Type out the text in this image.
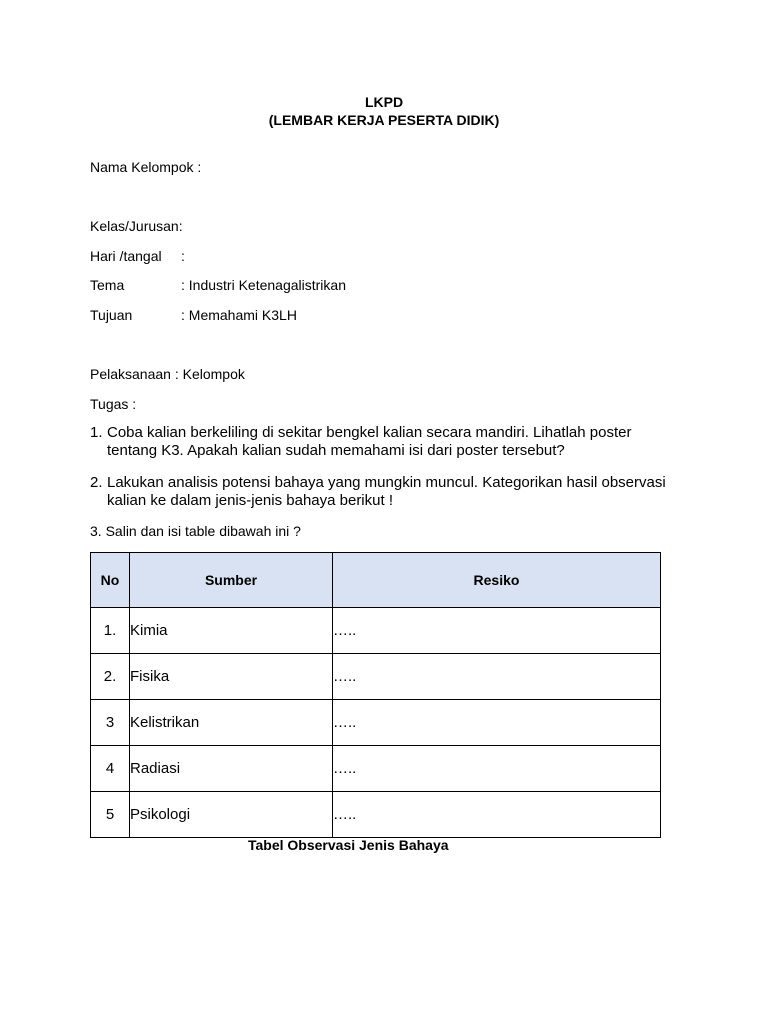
LKPD
(LEMBAR KERJA PESERTA DIDIK)
Nama Kelompok :
Kelas/Jurusan:
Hari /tangal :
Tema	: Industri Ketenagalistrikan
Tujuan	: Memahami K3LH
Pelaksanaan : Kelompok
Tugas :
1. Coba kalian berkeliling di sekitar bengkel kalian secara mandiri. Lihatlah poster tentang K3. Apakah kalian sudah memahami isi dari poster tersebut?
2. Lakukan analisis potensi bahaya yang mungkin muncul. Kategorikan hasil observasi kalian ke dalam jenis-jenis bahaya berikut !
3. Salin dan isi table dibawah ini ?
No	Sumber	Resiko
1.	Kimia	…..
2.	Fisika	…..
3	Kelistrikan	…..
4	Radiasi	…..
5	Psikologi	…..
Tabel Observasi Jenis Bahaya
